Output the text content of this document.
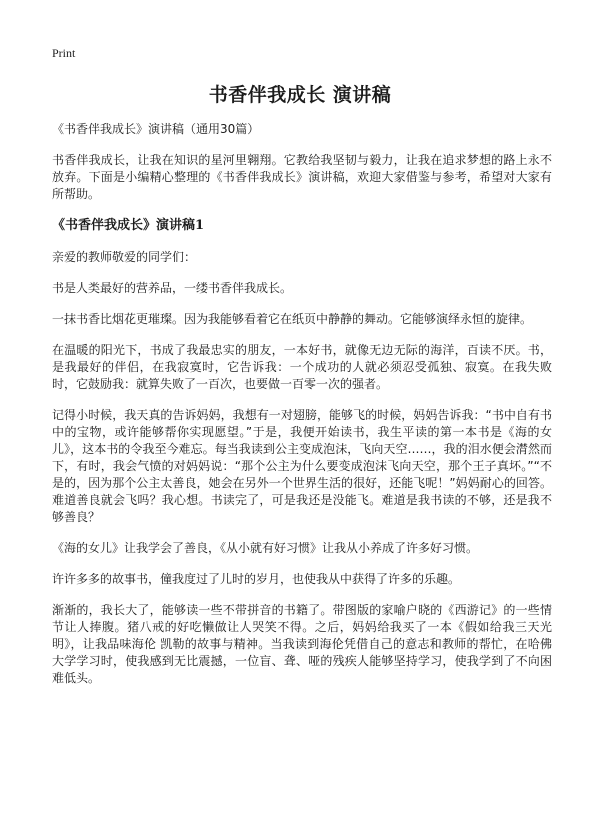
Print
书香伴我成长 演讲稿

《书香伴我成长》演讲稿（通用30篇）

书香伴我成长，让我在知识的星河里翱翔。它教给我坚韧与毅力，让我在追求梦想的路上永不放弃。下面是小编精心整理的《书香伴我成长》演讲稿，欢迎大家借鉴与参考，希望对大家有所帮助。

《书香伴我成长》演讲稿1

亲爱的教师敬爱的同学们：

书是人类最好的营养品，一缕书香伴我成长。

一抹书香比烟花更璀璨。因为我能够看着它在纸页中静静的舞动。它能够演绎永恒的旋律。

在温暖的阳光下，书成了我最忠实的朋友，一本好书，就像无边无际的海洋，百读不厌。书，是我最好的伴侣，在我寂寞时，它告诉我：一个成功的人就必须忍受孤独、寂寞。在我失败时，它鼓励我：就算失败了一百次，也要做一百零一次的强者。

记得小时候，我天真的告诉妈妈，我想有一对翅膀，能够飞的时候，妈妈告诉我：“书中自有书中的宝物，或许能够帮你实现愿望。”于是，我便开始读书，我生平读的第一本书是《海的女儿》，这本书的令我至今难忘。每当我读到公主变成泡沫，飞向天空……，我的泪水便会潸然而下，有时，我会气愤的对妈妈说：“那个公主为什么要变成泡沫飞向天空，那个王子真坏。”“不是的，因为那个公主太善良，她会在另外一个世界生活的很好，还能飞呢！”妈妈耐心的回答。难道善良就会飞吗？我心想。书读完了，可是我还是没能飞。难道是我书读的不够，还是我不够善良？

《海的女儿》让我学会了善良，《从小就有好习惯》让我从小养成了许多好习惯。

许许多多的故事书，僮我度过了儿时的岁月，也使我从中获得了许多的乐趣。

渐渐的，我长大了，能够读一些不带拼音的书籍了。带图版的家喻户晓的《西游记》的一些情节让人捧腹。猪八戒的好吃懒做让人哭笑不得。之后，妈妈给我买了一本《假如给我三天光明》，让我品味海伦 凯勒的故事与精神。当我读到海伦凭借自己的意志和教师的帮忙，在哈佛大学学习时，使我感到无比震撼，一位盲、聋、哑的残疾人能够坚持学习，使我学到了不向困难低头。
